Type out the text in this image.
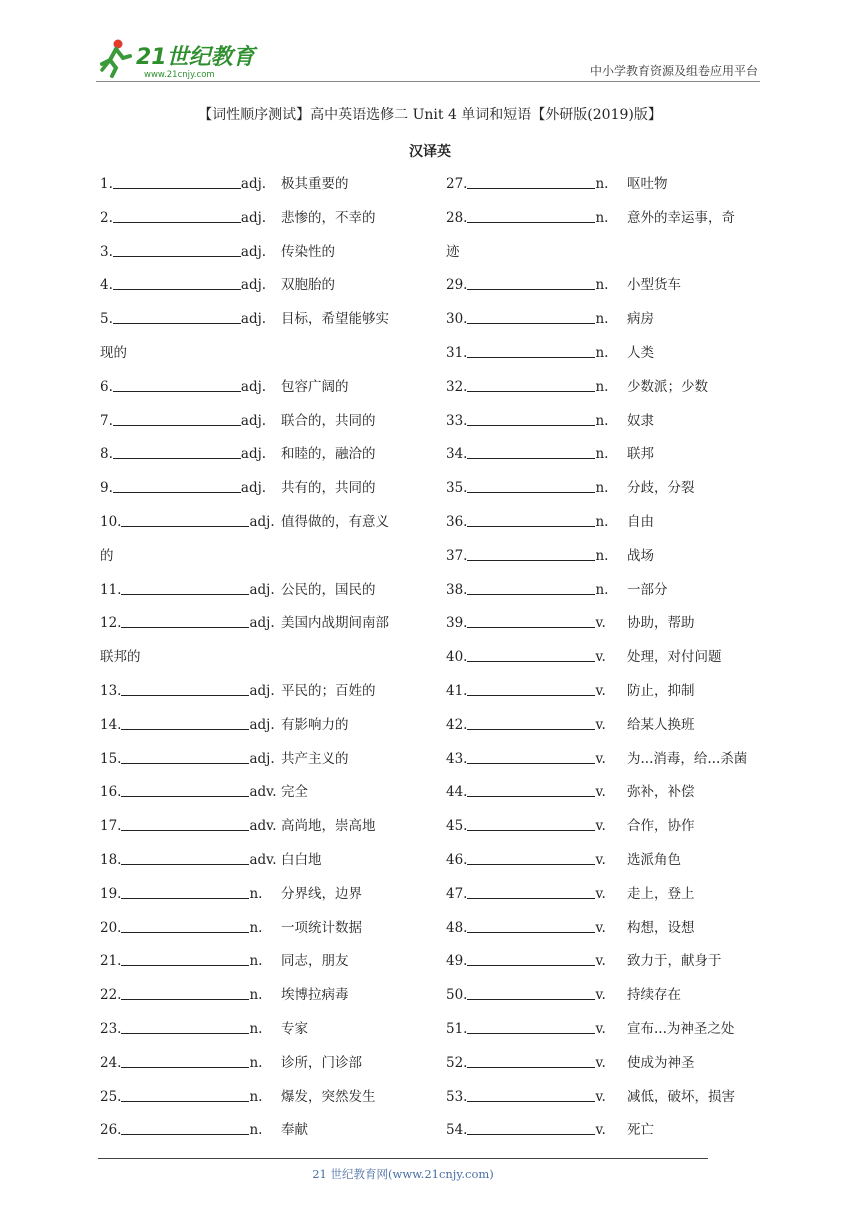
21世纪教育
www.21cnjy.com	中小学教育资源及组卷应用平台
【词性顺序测试】高中英语选修二 Unit 4 单词和短语【外研版(2019)版】
汉译英
1.	adj. 极其重要的
2.	adj. 悲惨的，不幸的
3.	adj. 传染性的
4.	adj. 双胞胎的
5.	adj. 目标，希望能够实
现的
6.	adj. 包容广阔的
7.	adj. 联合的，共同的
8.	adj. 和睦的，融洽的
9.	adj. 共有的，共同的
10.	adj. 值得做的，有意义
的
11.	adj. 公民的，国民的
12.	adj. 美国内战期间南部
联邦的
13.	adj. 平民的；百姓的
14.	adj. 有影响力的
15.	adj. 共产主义的
16.	adv. 完全
17.	adv. 高尚地，崇高地
18.	adv. 白白地
19.	n. 分界线，边界
20.	n. 一项统计数据
21.	n. 同志，朋友
22.	n. 埃博拉病毒
23.	n. 专家
24.	n. 诊所，门诊部
25.	n. 爆发，突然发生
26.	n. 奉献
27.	n. 呕吐物
28.	n. 意外的幸运事，奇
迹
29.	n. 小型货车
30.	n. 病房
31.	n. 人类
32.	n. 少数派；少数
33.	n. 奴隶
34.	n. 联邦
35.	n. 分歧，分裂
36.	n. 自由
37.	n. 战场
38.	n. 一部分
39.	v. 协助，帮助
40.	v. 处理，对付问题
41.	v. 防止，抑制
42.	v. 给某人换班
43.	v. 为...消毒，给...杀菌
44.	v. 弥补，补偿
45.	v. 合作，协作
46.	v. 选派角色
47.	v. 走上，登上
48.	v. 构想，设想
49.	v. 致力于，献身于
50.	v. 持续存在
51.	v. 宣布...为神圣之处
52.	v. 使成为神圣
53.	v. 减低，破坏，损害
54.	v. 死亡
21 世纪教育网(www.21cnjy.com)
